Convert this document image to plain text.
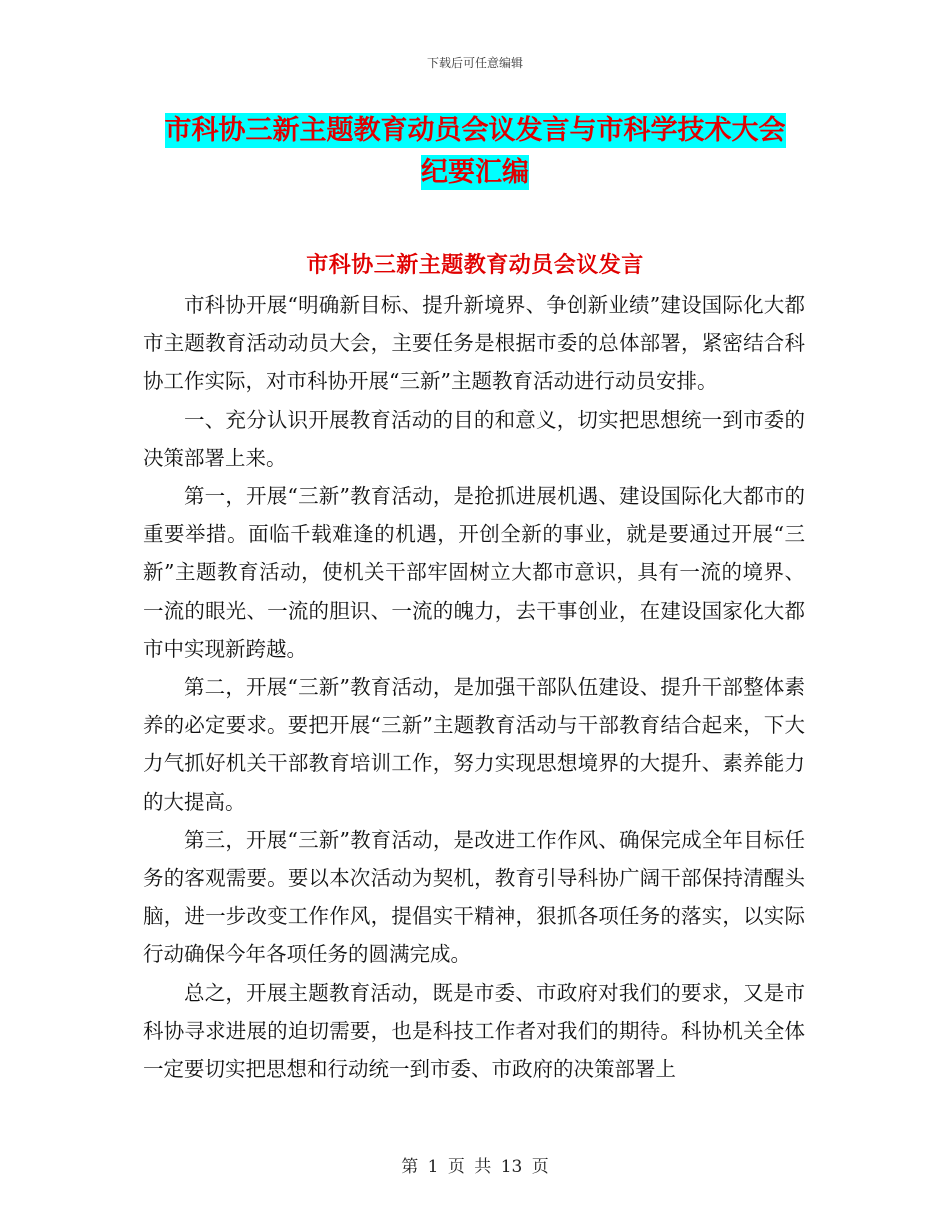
下载后可任意编辑
市科协三新主题教育动员会议发言与市科学技术大会
纪要汇编
市科协三新主题教育动员会议发言

市科协开展“明确新目标、提升新境界、争创新业绩”建设国际化大都市主题教育活动动员大会，主要任务是根据市委的总体部署，紧密结合科协工作实际，对市科协开展“三新”主题教育活动进行动员安排。

一、充分认识开展教育活动的目的和意义，切实把思想统一到市委的决策部署上来。

第一，开展“三新”教育活动，是抢抓进展机遇、建设国际化大都市的重要举措。面临千载难逢的机遇，开创全新的事业，就是要通过开展“三新”主题教育活动，使机关干部牢固树立大都市意识，具有一流的境界、一流的眼光、一流的胆识、一流的魄力，去干事创业，在建设国家化大都市中实现新跨越。

第二，开展“三新”教育活动，是加强干部队伍建设、提升干部整体素养的必定要求。要把开展“三新”主题教育活动与干部教育结合起来，下大力气抓好机关干部教育培训工作，努力实现思想境界的大提升、素养能力的大提高。

第三，开展“三新”教育活动，是改进工作作风、确保完成全年目标任务的客观需要。要以本次活动为契机，教育引导科协广阔干部保持清醒头脑，进一步改变工作作风，提倡实干精神，狠抓各项任务的落实，以实际行动确保今年各项任务的圆满完成。

总之，开展主题教育活动，既是市委、市政府对我们的要求，又是市科协寻求进展的迫切需要，也是科技工作者对我们的期待。科协机关全体一定要切实把思想和行动统一到市委、市政府的决策部署上

第 1 页 共 13 页
